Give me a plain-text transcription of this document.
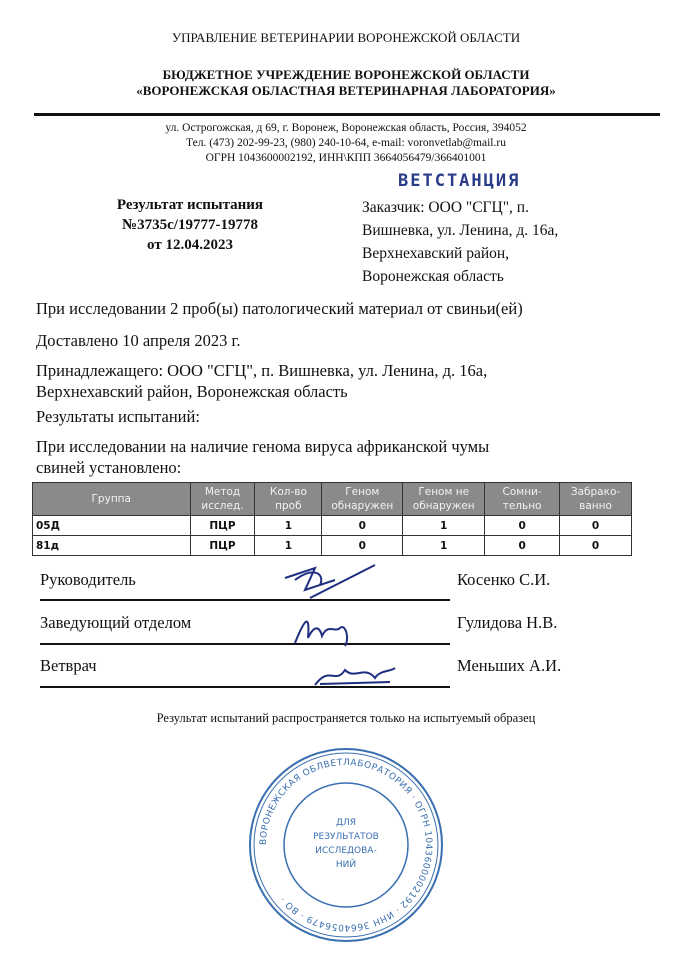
УПРАВЛЕНИЕ ВЕТЕРИНАРИИ ВОРОНЕЖСКОЙ ОБЛАСТИ
БЮДЖЕТНОЕ УЧРЕЖДЕНИЕ ВОРОНЕЖСКОЙ ОБЛАСТИ
«ВОРОНЕЖСКАЯ ОБЛАСТНАЯ ВЕТЕРИНАРНАЯ ЛАБОРАТОРИЯ»
ул. Острогожская, д 69, г. Воронеж, Воронежская область, Россия, 394052
Тел. (473) 202-99-23, (980) 240-10-64, e-mail: voronvetlab@mail.ru
ОГРН 1043600002192, ИНН\КПП 3664056479/366401001
Результат испытания
№3735с/19777-19778
от 12.04.2023
ВЕТСТАНЦИЯ
Заказчик: ООО "СГЦ", п.
Вишневка, ул. Ленина, д. 16а,
Верхнехавский район,
Воронежская область
При исследовании 2 проб(ы) патологический материал от свиньи(ей)
Доставлено 10 апреля 2023 г.
Принадлежащего: ООО "СГЦ", п. Вишневка, ул. Ленина, д. 16а,
Верхнехавский район, Воронежская область
Результаты испытаний:
При исследовании на наличие генома вируса африканской чумы
свиней установлено:
Группа	Метод исслед.	Кол-во проб	Геном обнаружен	Геном не обнаружен	Сомни-тельно	Забрако-ванно
05Д	ПЦР	1	0	1	0	0
81д	ПЦР	1	0	1	0	0
Руководитель	Косенко С.И.
Заведующий отделом	Гулидова Н.В.
Ветврач	Меньших А.И.
Результат испытаний распространяется только на испытуемый образец
ВОРОНЕЖСКАЯ ОБЛВЕТЛАБОРАТОРИЯ · ОГРН 1043600002192 · ИНН 3664056479 · ВО ·
ДЛЯ
РЕЗУЛЬТАТОВ
ИССЛЕДОВА-
НИЙ
